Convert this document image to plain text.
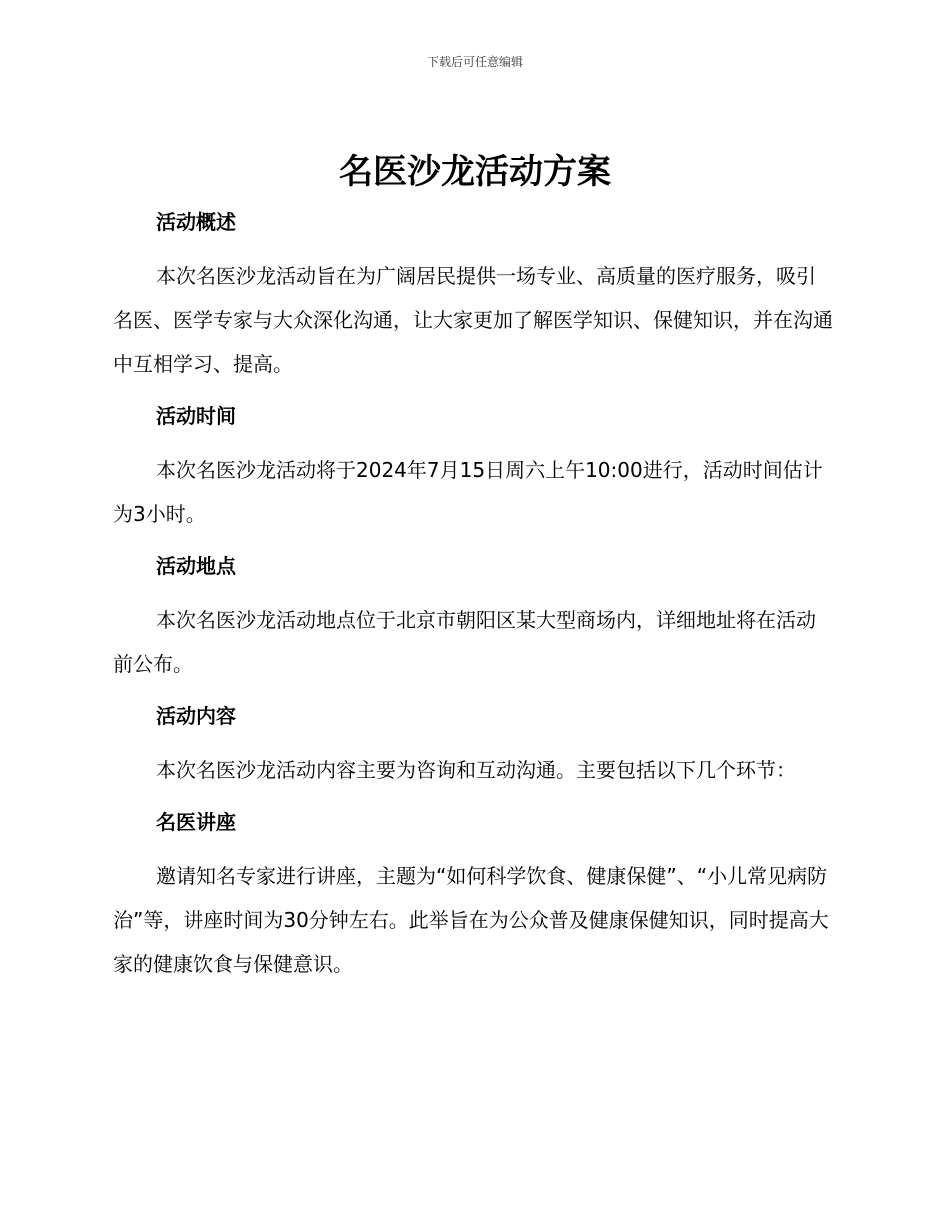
下载后可任意编辑
名医沙龙活动方案
活动概述

本次名医沙龙活动旨在为广阔居民提供一场专业、高质量的医疗服务，吸引名医、医学专家与大众深化沟通，让大家更加了解医学知识、保健知识，并在沟通中互相学习、提高。

活动时间

本次名医沙龙活动将于2024年7月15日周六上午10:00进行，活动时间估计为3小时。

活动地点

本次名医沙龙活动地点位于北京市朝阳区某大型商场内，详细地址将在活动前公布。

活动内容

本次名医沙龙活动内容主要为咨询和互动沟通。主要包括以下几个环节：

名医讲座

邀请知名专家进行讲座，主题为“如何科学饮食、健康保健”、“小儿常见病防治”等，讲座时间为30分钟左右。此举旨在为公众普及健康保健知识，同时提高大家的健康饮食与保健意识。
